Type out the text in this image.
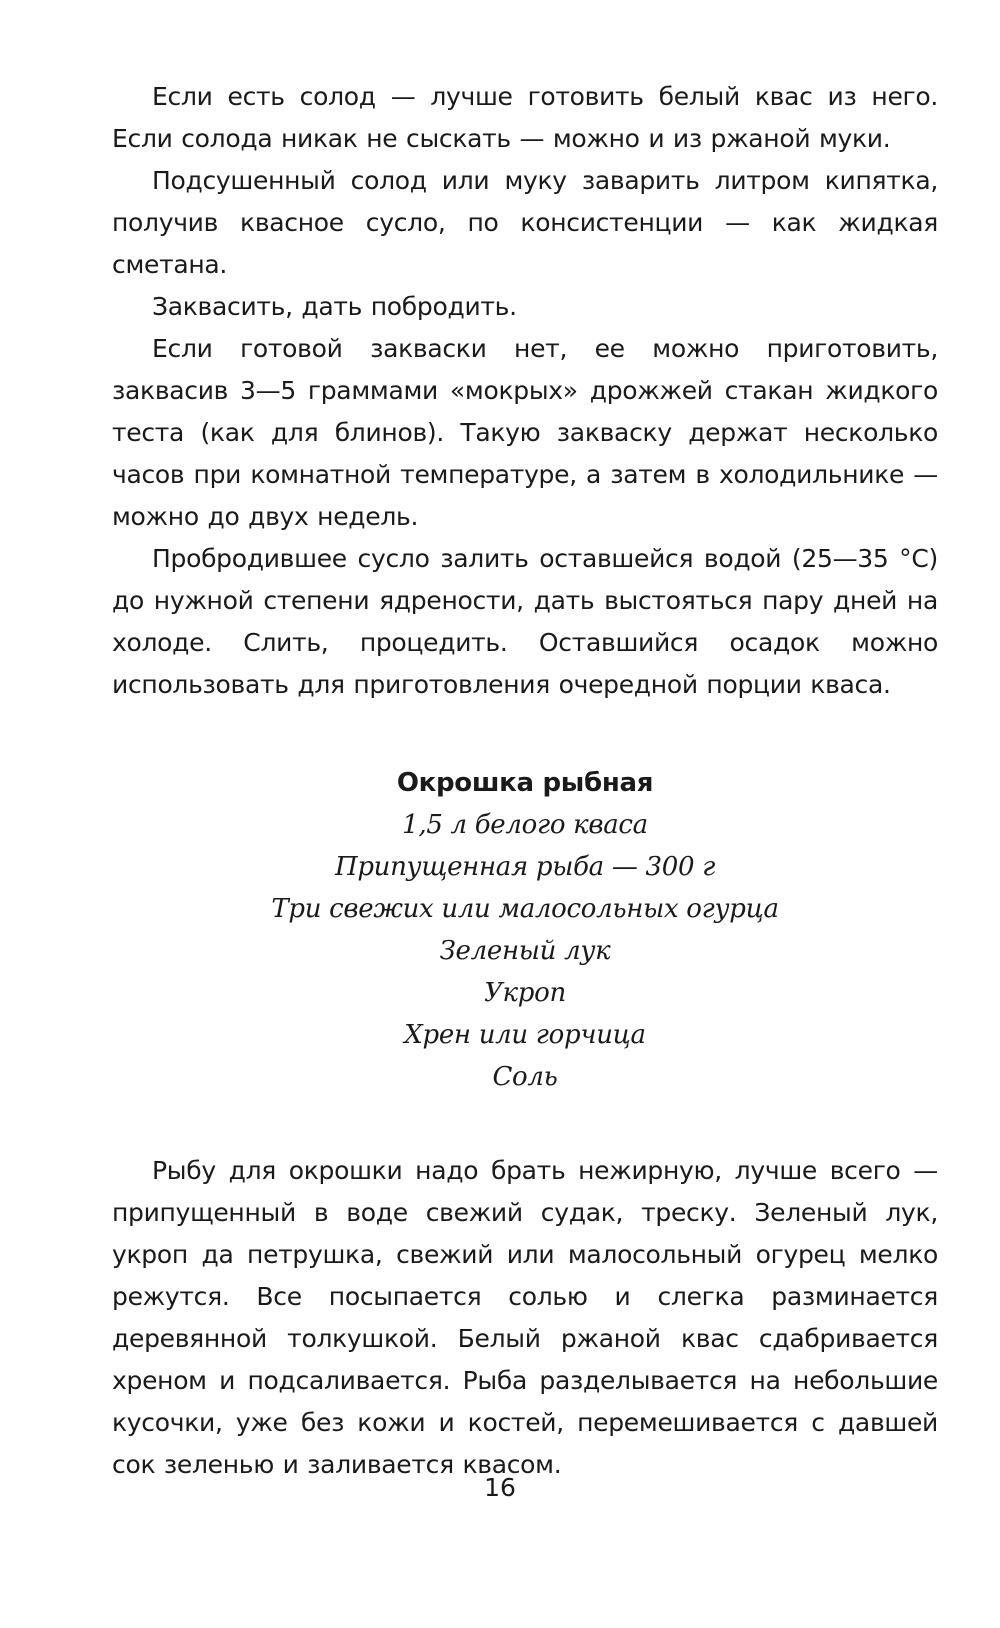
Если есть солод — лучше готовить белый квас из него. Если солода никак не сыскать — можно и из ржаной муки.

Подсушенный солод или муку заварить литром кипятка, получив квасное сусло, по консистенции — как жидкая сметана.

Заквасить, дать побродить.

Если готовой закваски нет, ее можно приготовить, заквасив 3—5 граммами «мокрых» дрожжей стакан жидкого теста (как для блинов). Такую закваску держат несколько часов при комнатной температуре, а затем в холодильнике — можно до двух недель.

Пробродившее сусло залить оставшейся водой (25—35 °C) до нужной степени ядрености, дать выстояться пару дней на холоде. Слить, процедить. Оставшийся осадок можно использовать для приготовления очередной порции кваса.

Окрошка рыбная
1,5 л белого кваса
Припущенная рыба — 300 г
Три свежих или малосольных огурца
Зеленый лук
Укроп
Хрен или горчица
Соль

Рыбу для окрошки надо брать нежирную, лучше всего — припущенный в воде свежий судак, треску. Зеленый лук, укроп да петрушка, свежий или малосольный огурец мелко режутся. Все посыпается солью и слегка разминается деревянной толкушкой. Белый ржаной квас сдабривается хреном и подсаливается. Рыба разделывается на небольшие кусочки, уже без кожи и костей, перемешивается с давшей сок зеленью и заливается квасом.

16
